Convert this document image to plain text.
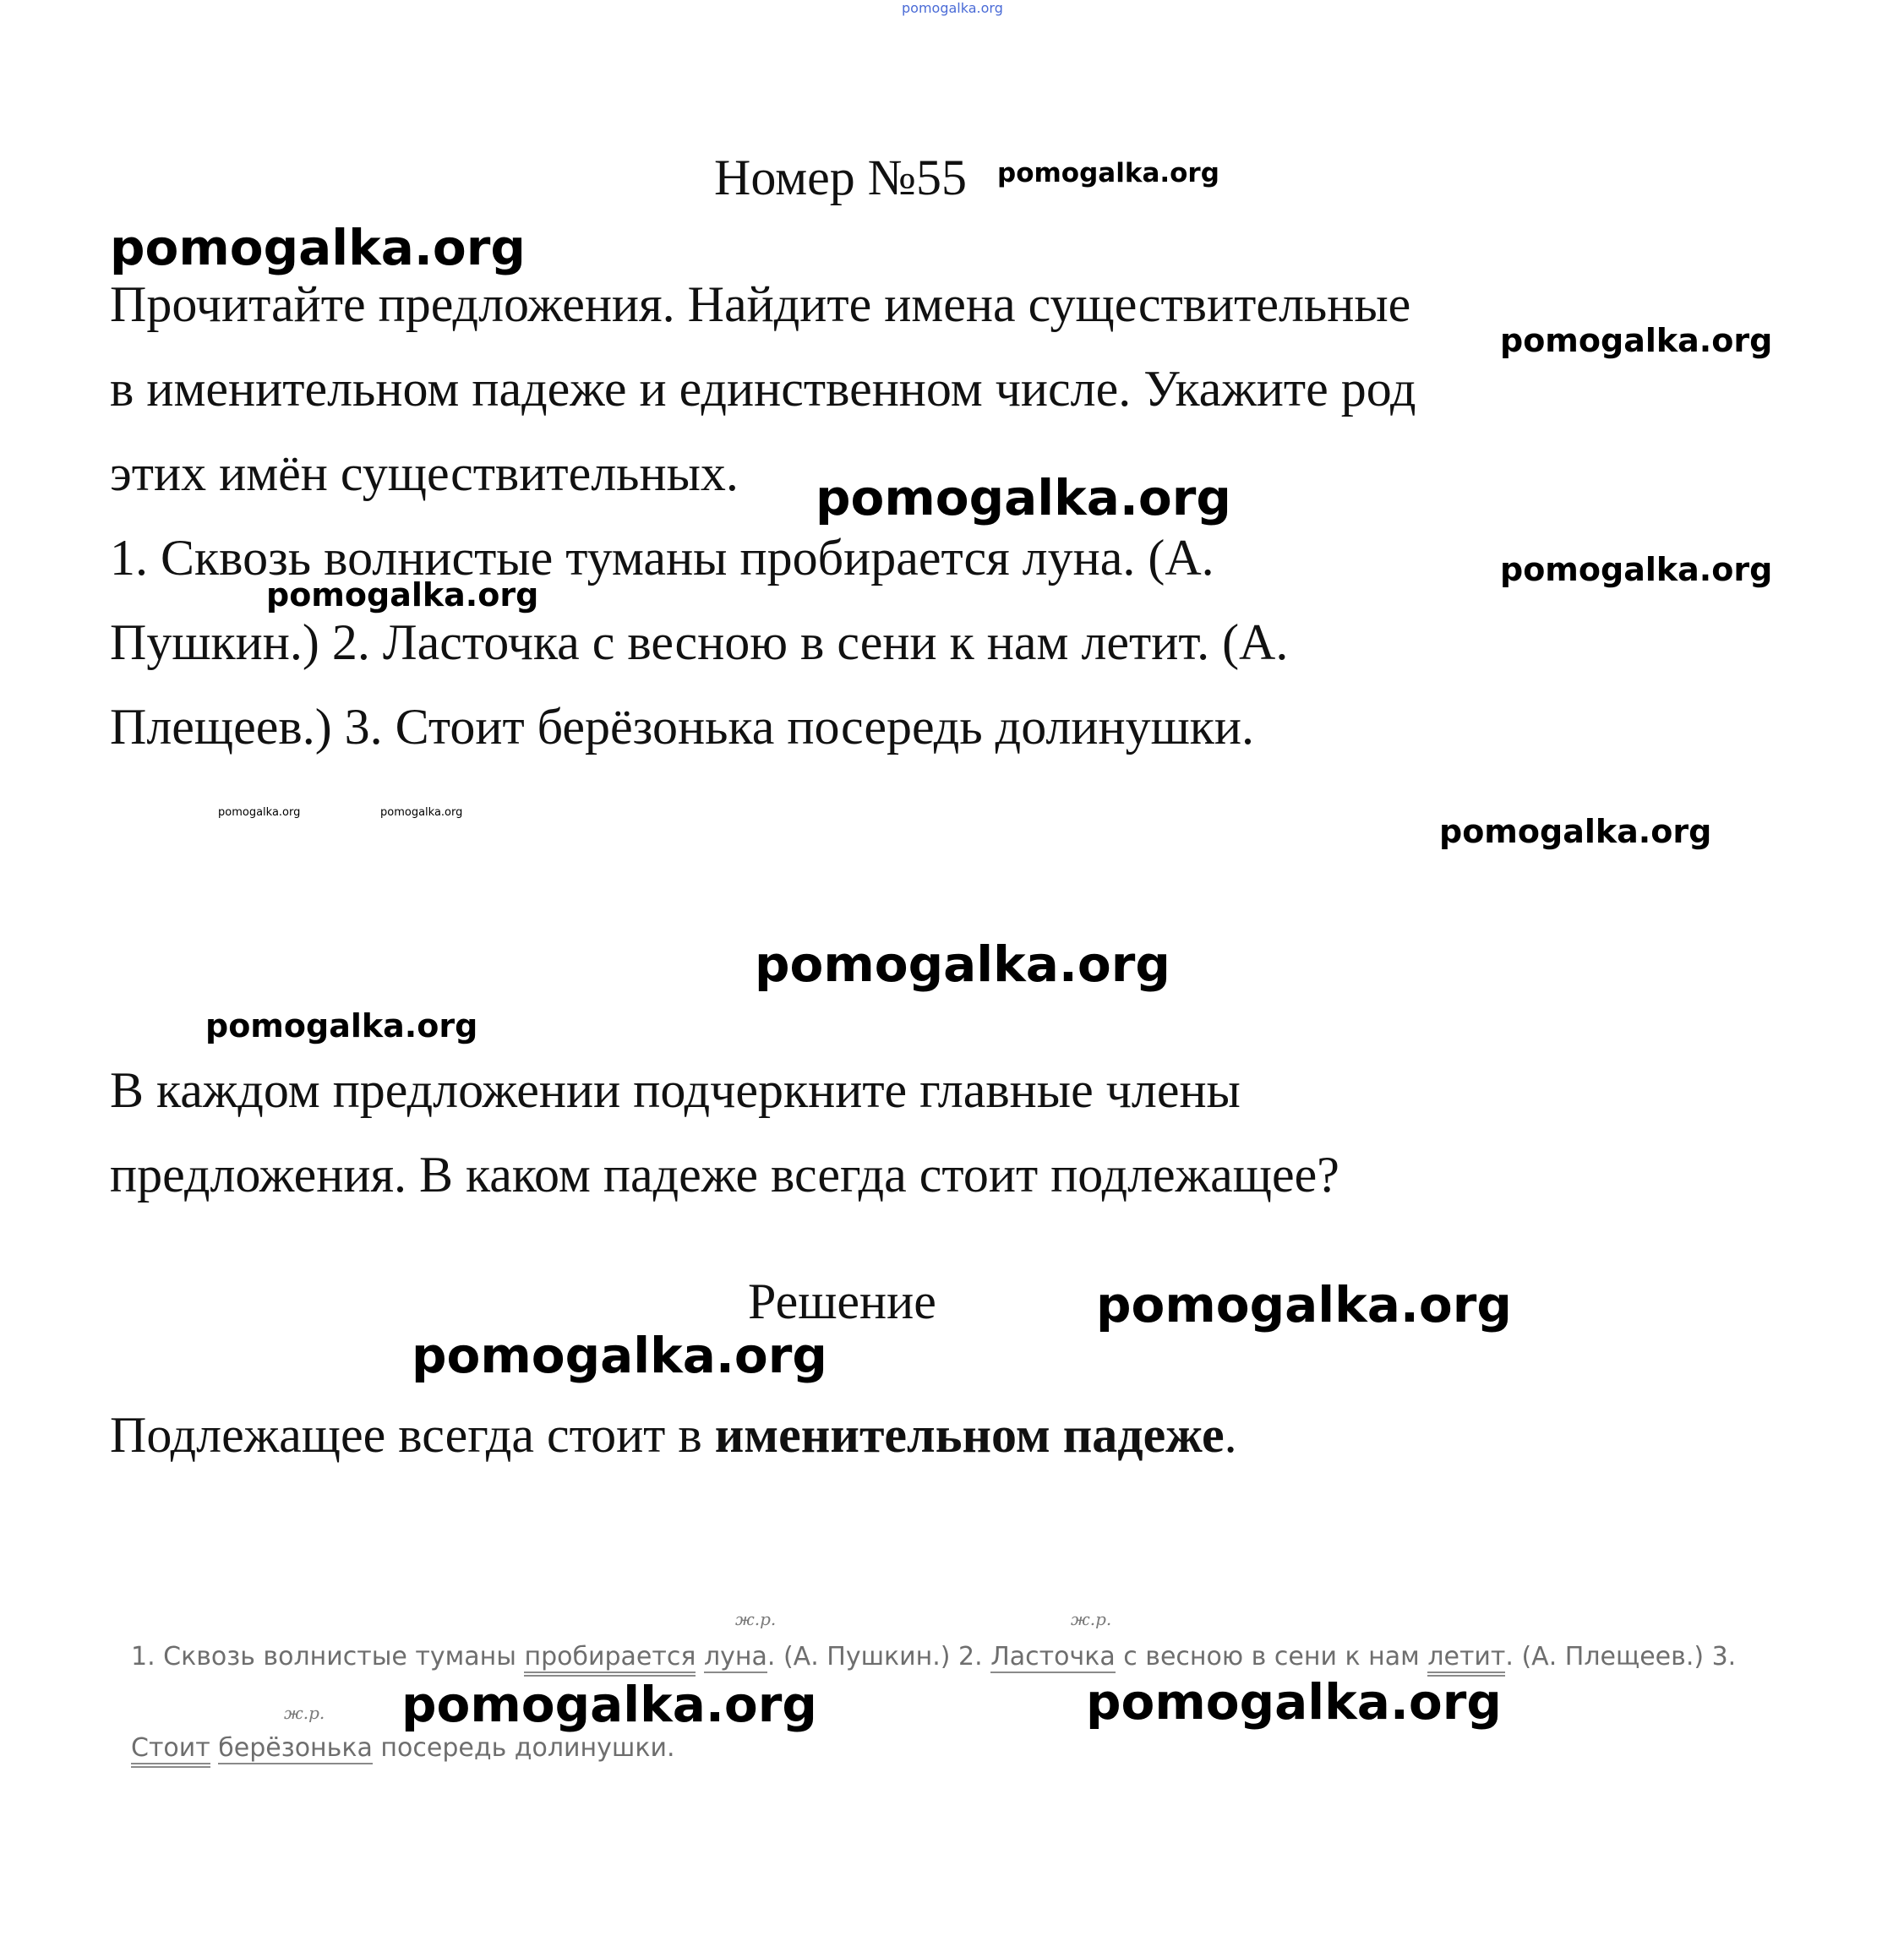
pomogalka.org
pomogalka.org
pomogalka.org
pomogalka.org
pomogalka.org
pomogalka.org
pomogalka.org
pomogalka.org	pomogalka.org
pomogalka.org
pomogalka.org
pomogalka.org
pomogalka.org
pomogalka.org
pomogalka.org	pomogalka.org
Номер №55
Прочитайте предложения. Найдите имена существительные
в именительном падеже и единственном числе. Укажите род
этих имён существительных.
1. Сквозь волнистые туманы пробирается луна. (А.
Пушкин.) 2. Ласточка с весною в сени к нам летит. (А.
Плещеев.) 3. Стоит берёзонька посередь долинушки.
В каждом предложении подчеркните главные члены
предложения. В каком падеже всегда стоит подлежащее?
Решение
Подлежащее всегда стоит в именительном падеже.
ж.р.	ж.р.
ж.р.
1. Сквозь волнистые туманы пробирается луна. (А. Пушкин.) 2. Ласточка с весною в сени к нам летит. (А. Плещеев.) 3.
Стоит берёзонька посередь долинушки.
